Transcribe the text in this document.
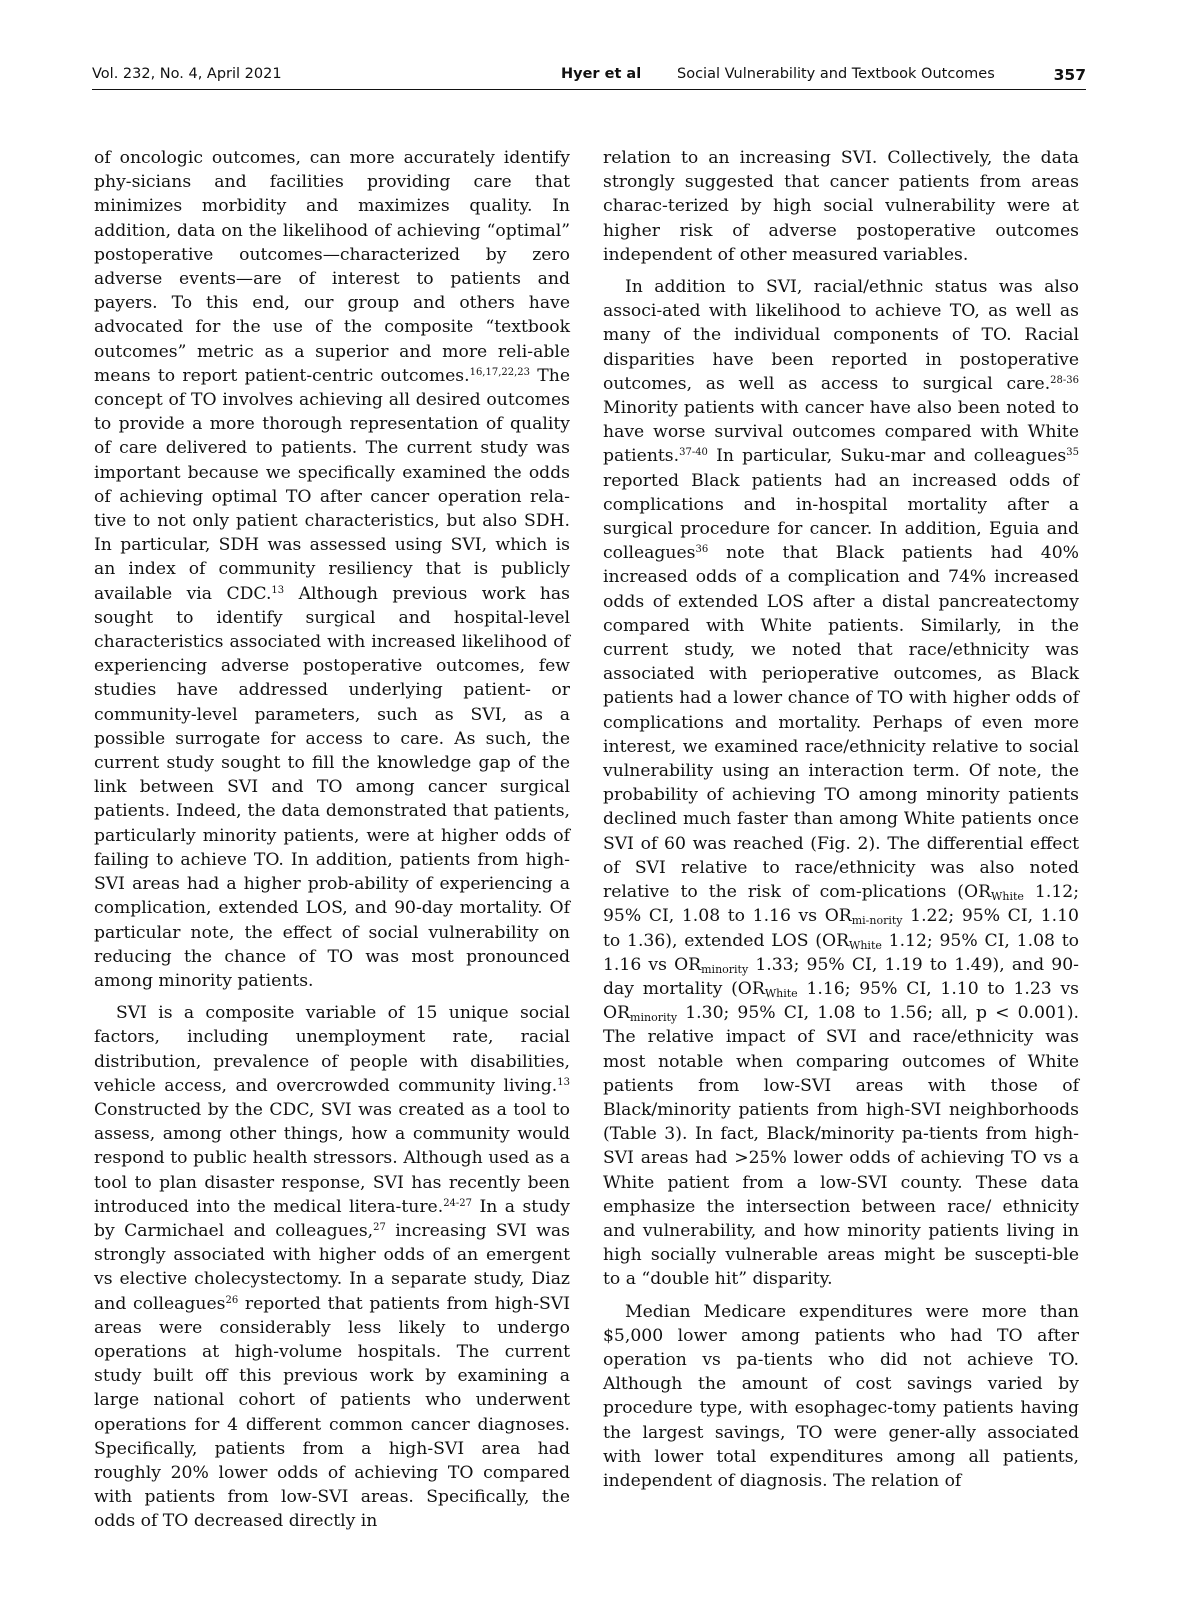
Vol. 232, No. 4, April 2021	Hyer et al Social Vulnerability and Textbook Outcomes	357

of oncologic outcomes, can more accurately identify phy-sicians and facilities providing care that minimizes morbidity and maximizes quality. In addition, data on the likelihood of achieving “optimal” postoperative outcomes—characterized by zero adverse events—are of interest to patients and payers. To this end, our group and others have advocated for the use of the composite “textbook outcomes” metric as a superior and more reli-able means to report patient-centric outcomes.$^{16,17,22,23}$ The concept of TO involves achieving all desired outcomes to provide a more thorough representation of quality of care delivered to patients. The current study was important because we specifically examined the odds of achieving optimal TO after cancer operation rela-tive to not only patient characteristics, but also SDH. In particular, SDH was assessed using SVI, which is an index of community resiliency that is publicly available via CDC.$^{13}$ Although previous work has sought to identify surgical and hospital-level characteristics associated with increased likelihood of experiencing adverse postoperative outcomes, few studies have addressed underlying patient- or community-level parameters, such as SVI, as a possible surrogate for access to care. As such, the current study sought to fill the knowledge gap of the link between SVI and TO among cancer surgical patients. Indeed, the data demonstrated that patients, particularly minority patients, were at higher odds of failing to achieve TO. In addition, patients from high-SVI areas had a higher prob-ability of experiencing a complication, extended LOS, and 90-day mortality. Of particular note, the effect of social vulnerability on reducing the chance of TO was most pronounced among minority patients.

SVI is a composite variable of 15 unique social factors, including unemployment rate, racial distribution, prevalence of people with disabilities, vehicle access, and overcrowded community living.$^{13}$ Constructed by the CDC, SVI was created as a tool to assess, among other things, how a community would respond to public health stressors. Although used as a tool to plan disaster response, SVI has recently been introduced into the medical litera-ture.$^{24-27}$ In a study by Carmichael and colleagues,$^{27}$ increasing SVI was strongly associated with higher odds of an emergent vs elective cholecystectomy. In a separate study, Diaz and colleagues$^{26}$ reported that patients from high-SVI areas were considerably less likely to undergo operations at high-volume hospitals. The current study built off this previous work by examining a large national cohort of patients who underwent operations for 4 different common cancer diagnoses. Specifically, patients from a high-SVI area had roughly 20% lower odds of achieving TO compared with patients from low-SVI areas. Specifically, the odds of TO decreased directly in

relation to an increasing SVI. Collectively, the data strongly suggested that cancer patients from areas charac-terized by high social vulnerability were at higher risk of adverse postoperative outcomes independent of other measured variables.

In addition to SVI, racial/ethnic status was also associ-ated with likelihood to achieve TO, as well as many of the individual components of TO. Racial disparities have been reported in postoperative outcomes, as well as access to surgical care.$^{28-36}$ Minority patients with cancer have also been noted to have worse survival outcomes compared with White patients.$^{37-40}$ In particular, Suku-mar and colleagues$^{35}$ reported Black patients had an increased odds of complications and in-hospital mortality after a surgical procedure for cancer. In addition, Eguia and colleagues$^{36}$ note that Black patients had 40% increased odds of a complication and 74% increased odds of extended LOS after a distal pancreatectomy compared with White patients. Similarly, in the current study, we noted that race/ethnicity was associated with perioperative outcomes, as Black patients had a lower chance of TO with higher odds of complications and mortality. Perhaps of even more interest, we examined race/ethnicity relative to social vulnerability using an interaction term. Of note, the probability of achieving TO among minority patients declined much faster than among White patients once SVI of 60 was reached (Fig. 2). The differential effect of SVI relative to race/ethnicity was also noted relative to the risk of com-plications ($OR_{White}$ 1.12; 95% CI, 1.08 to 1.16 vs $OR_{mi-nority}$ 1.22; 95% CI, 1.10 to 1.36), extended LOS ($OR_{White}$ 1.12; 95% CI, 1.08 to 1.16 vs $OR_{minority}$ 1.33; 95% CI, 1.19 to 1.49), and 90-day mortality ($OR_{White}$ 1.16; 95% CI, 1.10 to 1.23 vs $OR_{minority}$ 1.30; 95% CI, 1.08 to 1.56; all, p < 0.001). The relative impact of SVI and race/ethnicity was most notable when comparing outcomes of White patients from low-SVI areas with those of Black/minority patients from high-SVI neighborhoods (Table 3). In fact, Black/minority pa-tients from high-SVI areas had >25% lower odds of achieving TO vs a White patient from a low-SVI county. These data emphasize the intersection between race/ ethnicity and vulnerability, and how minority patients living in high socially vulnerable areas might be suscepti-ble to a “double hit” disparity.

Median Medicare expenditures were more than $5,000 lower among patients who had TO after operation vs pa-tients who did not achieve TO. Although the amount of cost savings varied by procedure type, with esophagec-tomy patients having the largest savings, TO were gener-ally associated with lower total expenditures among all patients, independent of diagnosis. The relation of
